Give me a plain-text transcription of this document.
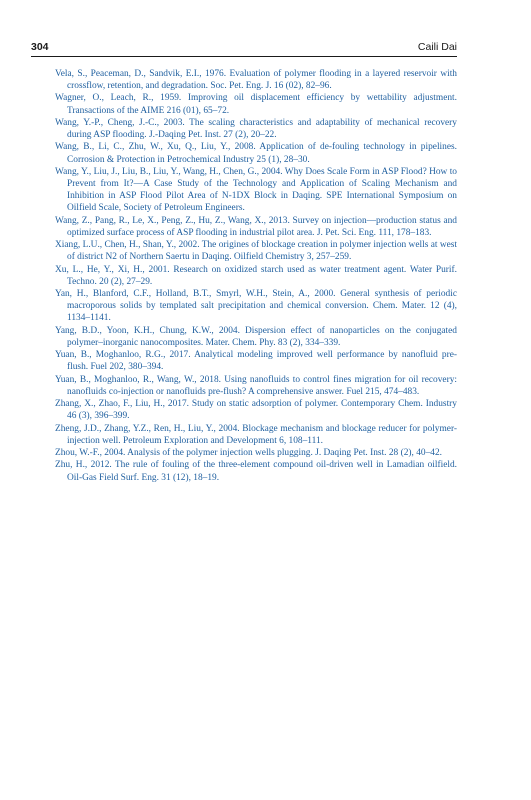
304	Caili Dai
Vela, S., Peaceman, D., Sandvik, E.I., 1976. Evaluation of polymer flooding in a layered reservoir with crossflow, retention, and degradation. Soc. Pet. Eng. J. 16 (02), 82–96.
Wagner, O., Leach, R., 1959. Improving oil displacement efficiency by wettability adjustment. Transactions of the AIME 216 (01), 65–72.
Wang, Y.-P., Cheng, J.-C., 2003. The scaling characteristics and adaptability of mechanical recovery during ASP flooding. J.-Daqing Pet. Inst. 27 (2), 20–22.
Wang, B., Li, C., Zhu, W., Xu, Q., Liu, Y., 2008. Application of de-fouling technology in pipelines. Corrosion & Protection in Petrochemical Industry 25 (1), 28–30.
Wang, Y., Liu, J., Liu, B., Liu, Y., Wang, H., Chen, G., 2004. Why Does Scale Form in ASP Flood? How to Prevent from It?—A Case Study of the Technology and Application of Scaling Mechanism and Inhibition in ASP Flood Pilot Area of N-1DX Block in Daqing. SPE International Symposium on Oilfield Scale, Society of Petroleum Engineers.
Wang, Z., Pang, R., Le, X., Peng, Z., Hu, Z., Wang, X., 2013. Survey on injection—production status and optimized surface process of ASP flooding in industrial pilot area. J. Pet. Sci. Eng. 111, 178–183.
Xiang, L.U., Chen, H., Shan, Y., 2002. The origines of blockage creation in polymer injection wells at west of district N2 of Northern Saertu in Daqing. Oilfield Chemistry 3, 257–259.
Xu, L., He, Y., Xi, H., 2001. Research on oxidized starch used as water treatment agent. Water Purif. Techno. 20 (2), 27–29.
Yan, H., Blanford, C.F., Holland, B.T., Smyrl, W.H., Stein, A., 2000. General synthesis of periodic macroporous solids by templated salt precipitation and chemical conversion. Chem. Mater. 12 (4), 1134–1141.
Yang, B.D., Yoon, K.H., Chung, K.W., 2004. Dispersion effect of nanoparticles on the conjugated polymer–inorganic nanocomposites. Mater. Chem. Phy. 83 (2), 334–339.
Yuan, B., Moghanloo, R.G., 2017. Analytical modeling improved well performance by nanofluid pre-flush. Fuel 202, 380–394.
Yuan, B., Moghanloo, R., Wang, W., 2018. Using nanofluids to control fines migration for oil recovery: nanofluids co-injection or nanofluids pre-flush? A comprehensive answer. Fuel 215, 474–483.
Zhang, X., Zhao, F., Liu, H., 2017. Study on static adsorption of polymer. Contemporary Chem. Industry 46 (3), 396–399.
Zheng, J.D., Zhang, Y.Z., Ren, H., Liu, Y., 2004. Blockage mechanism and blockage reducer for polymer-injection well. Petroleum Exploration and Development 6, 108–111.
Zhou, W.-F., 2004. Analysis of the polymer injection wells plugging. J. Daqing Pet. Inst. 28 (2), 40–42.
Zhu, H., 2012. The rule of fouling of the three-element compound oil-driven well in Lamadian oilfield. Oil-Gas Field Surf. Eng. 31 (12), 18–19.
